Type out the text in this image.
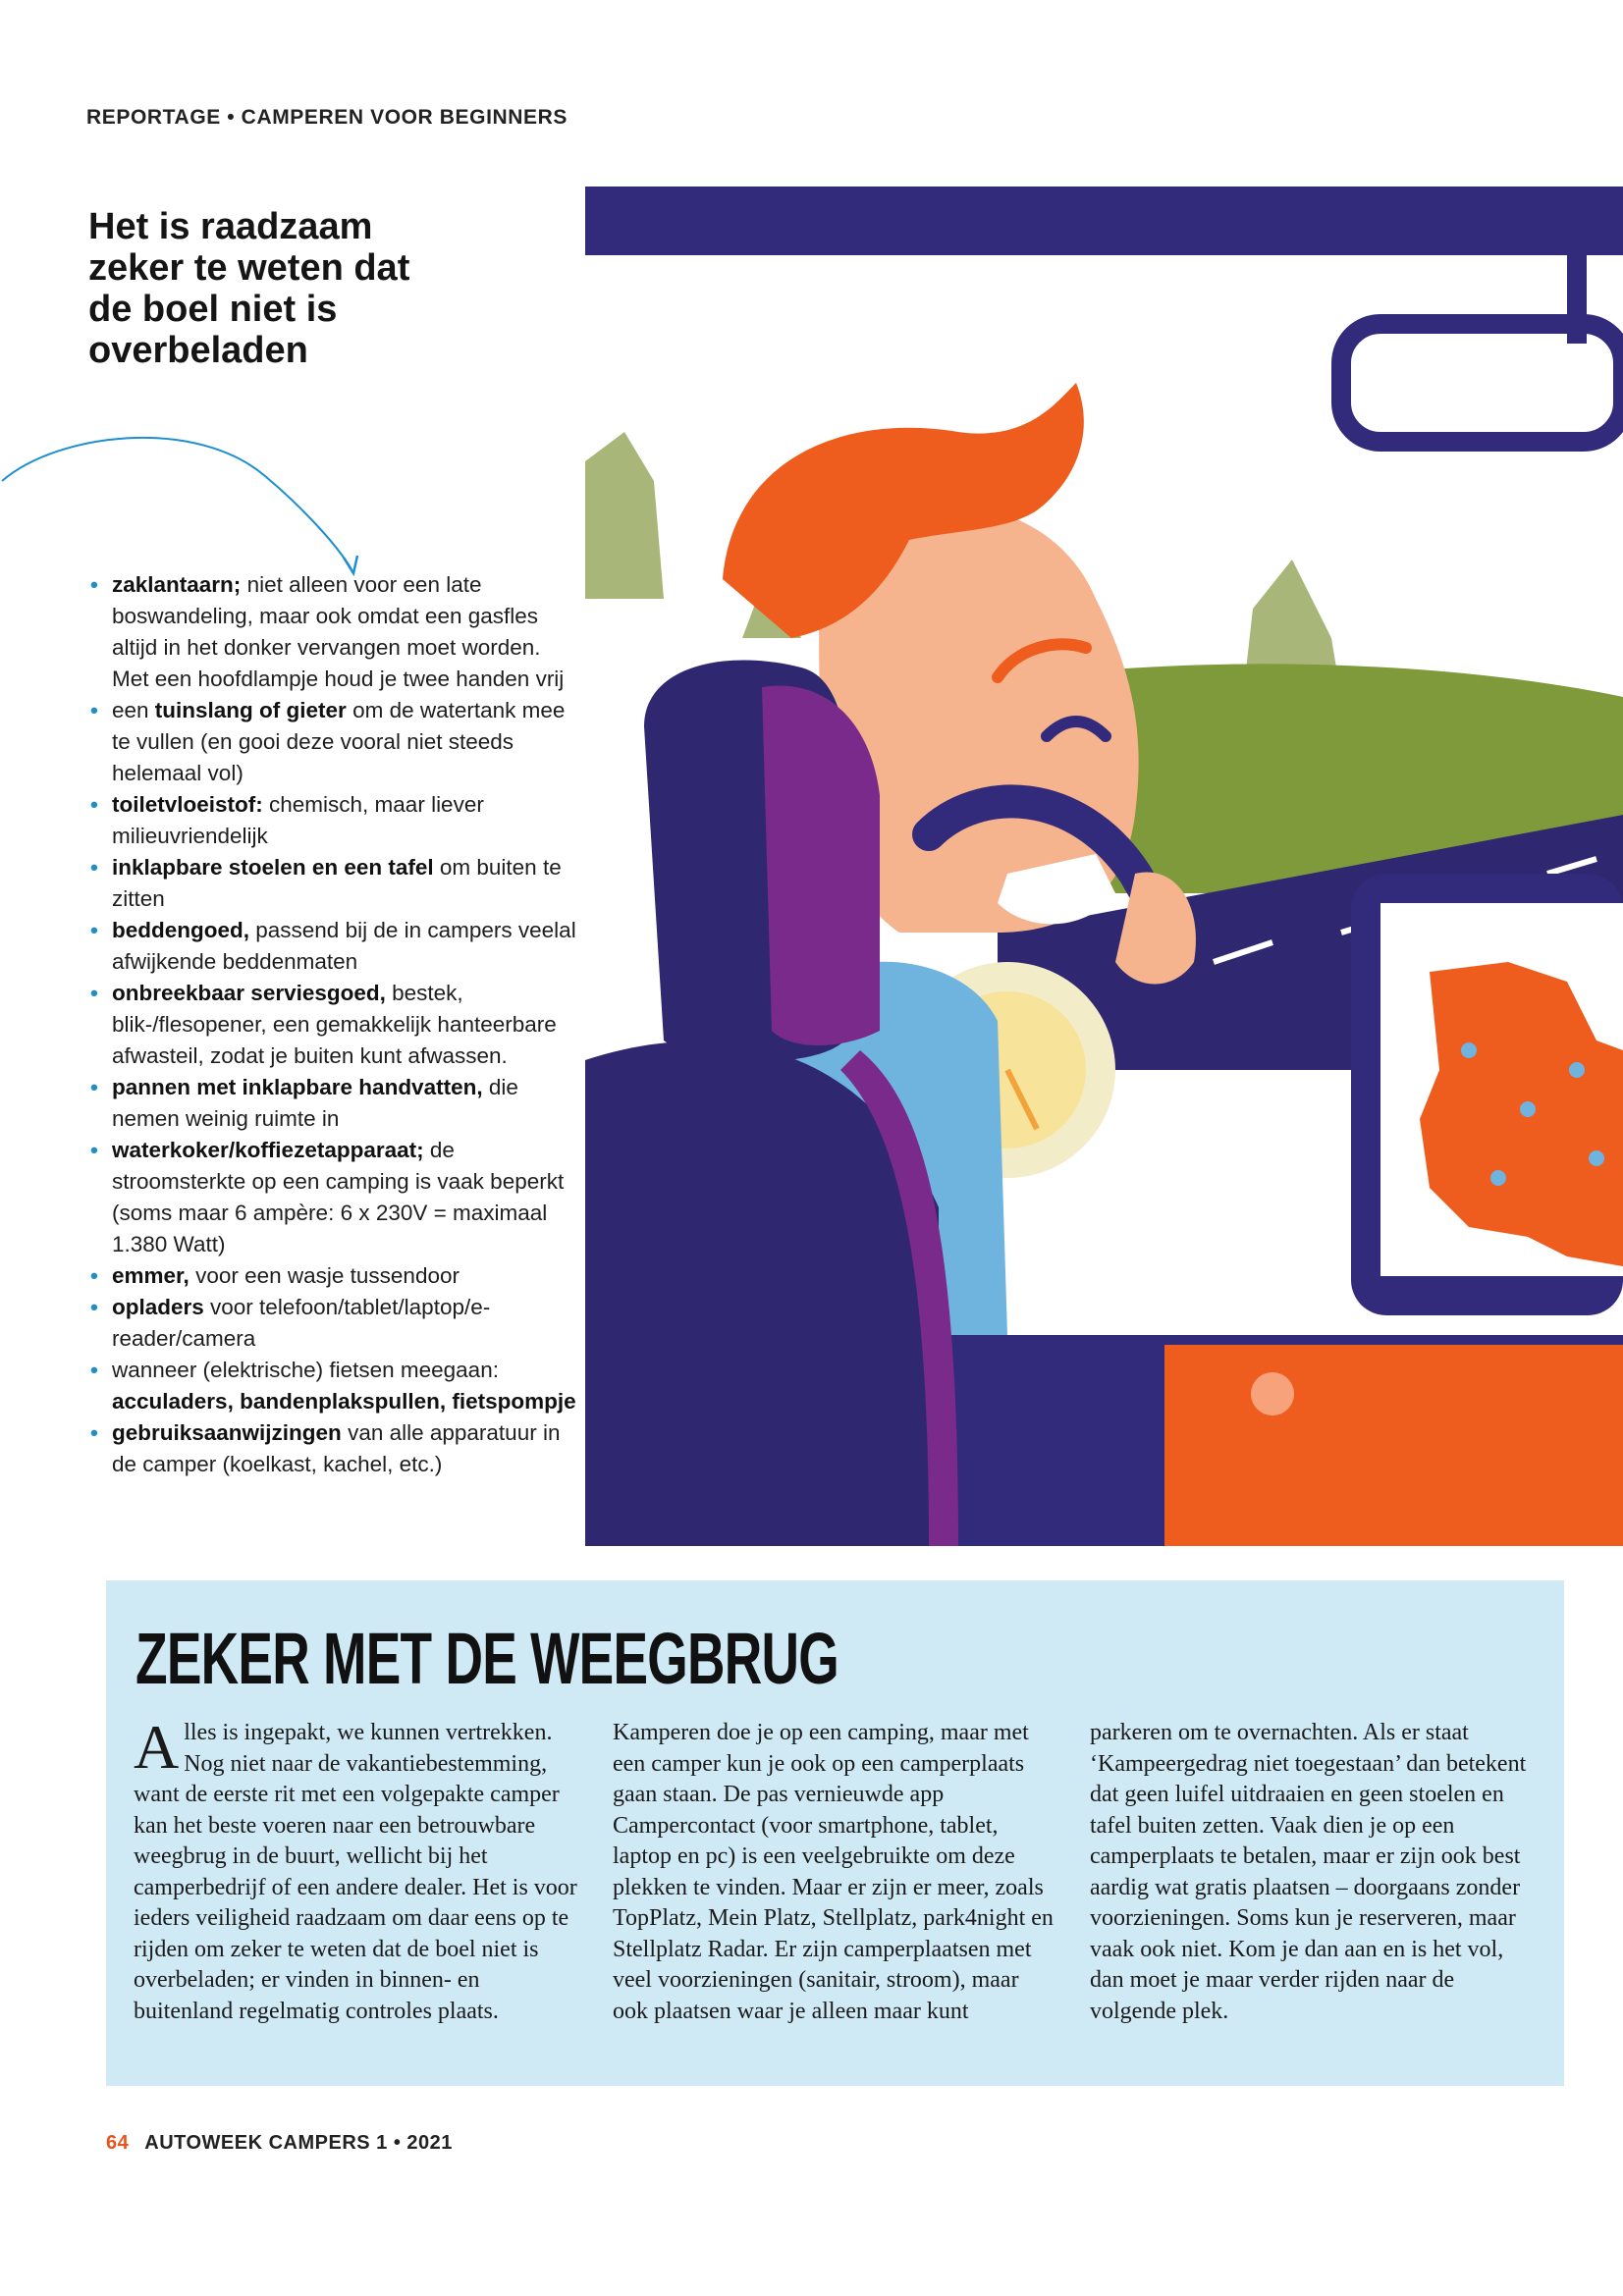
REPORTAGE • CAMPEREN VOOR BEGINNERS
Het is raadzaam zeker te weten dat de boel niet is overbeladen
• zaklantaarn; niet alleen voor een late boswandeling, maar ook omdat een gasfles altijd in het donker vervangen moet worden. Met een hoofdlampje houd je twee handen vrij
• een tuinslang of gieter om de watertank mee te vullen (en gooi deze vooral niet steeds helemaal vol)
• toiletvloeistof: chemisch, maar liever milieuvriendelijk
• inklapbare stoelen en een tafel om buiten te zitten
• beddengoed, passend bij de in campers veelal afwijkende beddenmaten
• onbreekbaar serviesgoed, bestek, blik-/flesopener, een gemakkelijk hanteerbare afwasteil, zodat je buiten kunt afwassen.
• pannen met inklapbare handvatten, die nemen weinig ruimte in
• waterkoker/koffiezetapparaat; de stroomsterkte op een camping is vaak beperkt (soms maar 6 ampère: 6 x 230V = maximaal 1.380 Watt)
• emmer, voor een wasje tussendoor
• opladers voor telefoon/tablet/laptop/e-reader/camera
• wanneer (elektrische) fietsen meegaan: acculaders, bandenplakspullen, fietspompje
• gebruiksaanwijzingen van alle apparatuur in de camper (koelkast, kachel, etc.)
ZEKER MET DE WEEGBRUG

Alles is ingepakt, we kunnen vertrekken. Nog niet naar de vakantiebestemming, want de eerste rit met een volgepakte camper kan het beste voeren naar een betrouwbare weegbrug in de buurt, wellicht bij het camperbedrijf of een andere dealer. Het is voor ieders veiligheid raadzaam om daar eens op te rijden om zeker te weten dat de boel niet is overbeladen; er vinden in binnen- en buitenland regelmatig controles plaats.

Kamperen doe je op een camping, maar met een camper kun je ook op een camperplaats gaan staan. De pas vernieuwde app Campercontact (voor smartphone, tablet, laptop en pc) is een veelgebruikte om deze plekken te vinden. Maar er zijn er meer, zoals TopPlatz, Mein Platz, Stellplatz, park4night en Stellplatz Radar. Er zijn camperplaatsen met veel voorzieningen (sanitair, stroom), maar ook plaatsen waar je alleen maar kunt

parkeren om te overnachten. Als er staat ‘Kampeergedrag niet toegestaan’ dan betekent dat geen luifel uitdraaien en geen stoelen en tafel buiten zetten. Vaak dien je op een camperplaats te betalen, maar er zijn ook best aardig wat gratis plaatsen – doorgaans zonder voorzieningen. Soms kun je reserveren, maar vaak ook niet. Kom je dan aan en is het vol, dan moet je maar verder rijden naar de volgende plek.

64 AUTOWEEK CAMPERS 1 • 2021
